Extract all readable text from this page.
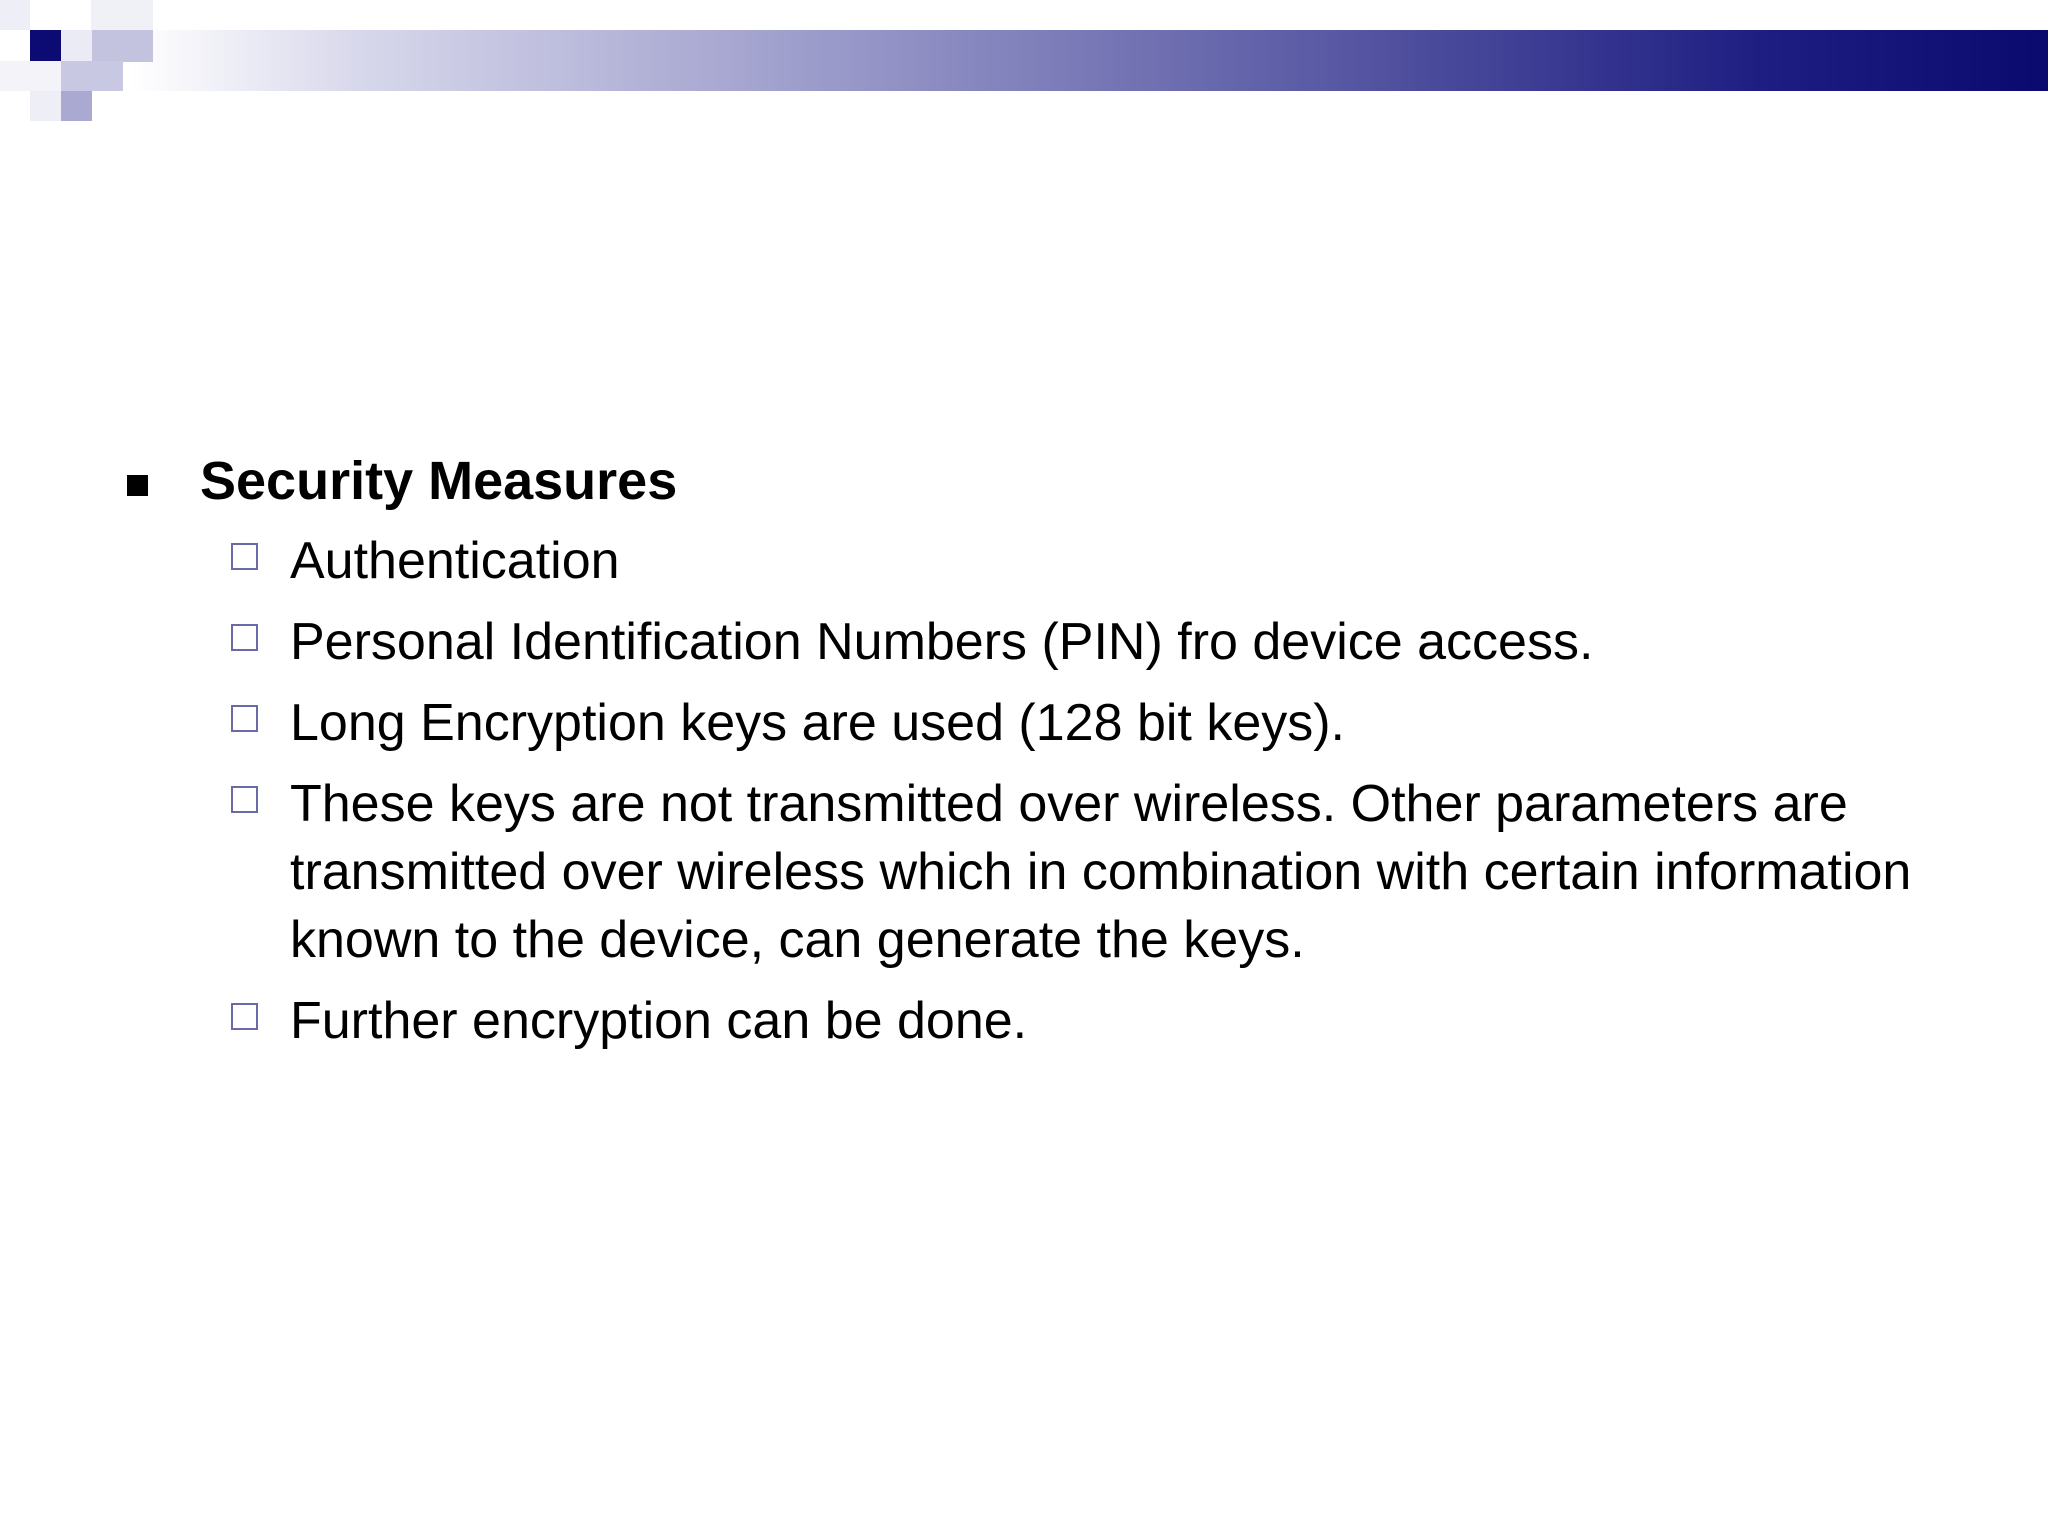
Security Measures
Authentication
Personal Identification Numbers (PIN) fro device access.
Long Encryption keys are used (128 bit keys).
These keys are not transmitted over wireless. Other parameters are transmitted over wireless which in combination with certain information known to the device, can generate the keys.
Further encryption can be done.
